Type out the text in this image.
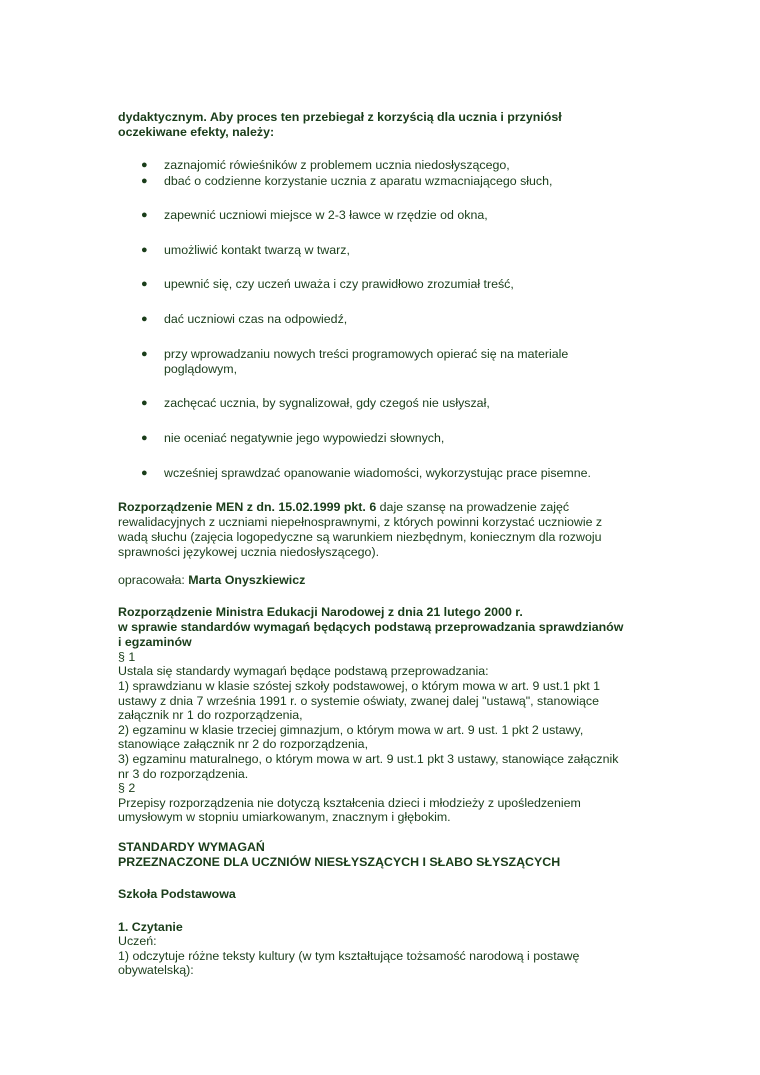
dydaktycznym. Aby proces ten przebiegał z korzyścią dla ucznia i przyniósł
oczekiwane efekty, należy:
● zaznajomić rówieśników z problemem ucznia niedosłyszącego,
● dbać o codzienne korzystanie ucznia z aparatu wzmacniającego słuch,
● zapewnić uczniowi miejsce w 2-3 ławce w rzędzie od okna,
● umożliwić kontakt twarzą w twarz,
● upewnić się, czy uczeń uważa i czy prawidłowo zrozumiał treść,
● dać uczniowi czas na odpowiedź,
● przy wprowadzaniu nowych treści programowych opierać się na materiale
poglądowym,
● zachęcać ucznia, by sygnalizował, gdy czegoś nie usłyszał,
● nie oceniać negatywnie jego wypowiedzi słownych,
● wcześniej sprawdzać opanowanie wiadomości, wykorzystując prace pisemne.
Rozporządzenie MEN z dn. 15.02.1999 pkt. 6 daje szansę na prowadzenie zajęć
rewalidacyjnych z uczniami niepełnosprawnymi, z których powinni korzystać uczniowie z
wadą słuchu (zajęcia logopedyczne są warunkiem niezbędnym, koniecznym dla rozwoju
sprawności językowej ucznia niedosłyszącego).
opracowała: Marta Onyszkiewicz
Rozporządzenie Ministra Edukacji Narodowej z dnia 21 lutego 2000 r.
w sprawie standardów wymagań będących podstawą przeprowadzania sprawdzianów
i egzaminów
§ 1
Ustala się standardy wymagań będące podstawą przeprowadzania:
1) sprawdzianu w klasie szóstej szkoły podstawowej, o którym mowa w art. 9 ust.1 pkt 1
ustawy z dnia 7 września 1991 r. o systemie oświaty, zwanej dalej "ustawą", stanowiące
załącznik nr 1 do rozporządzenia,
2) egzaminu w klasie trzeciej gimnazjum, o którym mowa w art. 9 ust. 1 pkt 2 ustawy,
stanowiące załącznik nr 2 do rozporządzenia,
3) egzaminu maturalnego, o którym mowa w art. 9 ust.1 pkt 3 ustawy, stanowiące załącznik
nr 3 do rozporządzenia.
§ 2
Przepisy rozporządzenia nie dotyczą kształcenia dzieci i młodzieży z upośledzeniem
umysłowym w stopniu umiarkowanym, znacznym i głębokim.
STANDARDY WYMAGAŃ
PRZEZNACZONE DLA UCZNIÓW NIESŁYSZĄCYCH I SŁABO SŁYSZĄCYCH
Szkoła Podstawowa
1. Czytanie
Uczeń:
1) odczytuje różne teksty kultury (w tym kształtujące tożsamość narodową i postawę
obywatelską):
